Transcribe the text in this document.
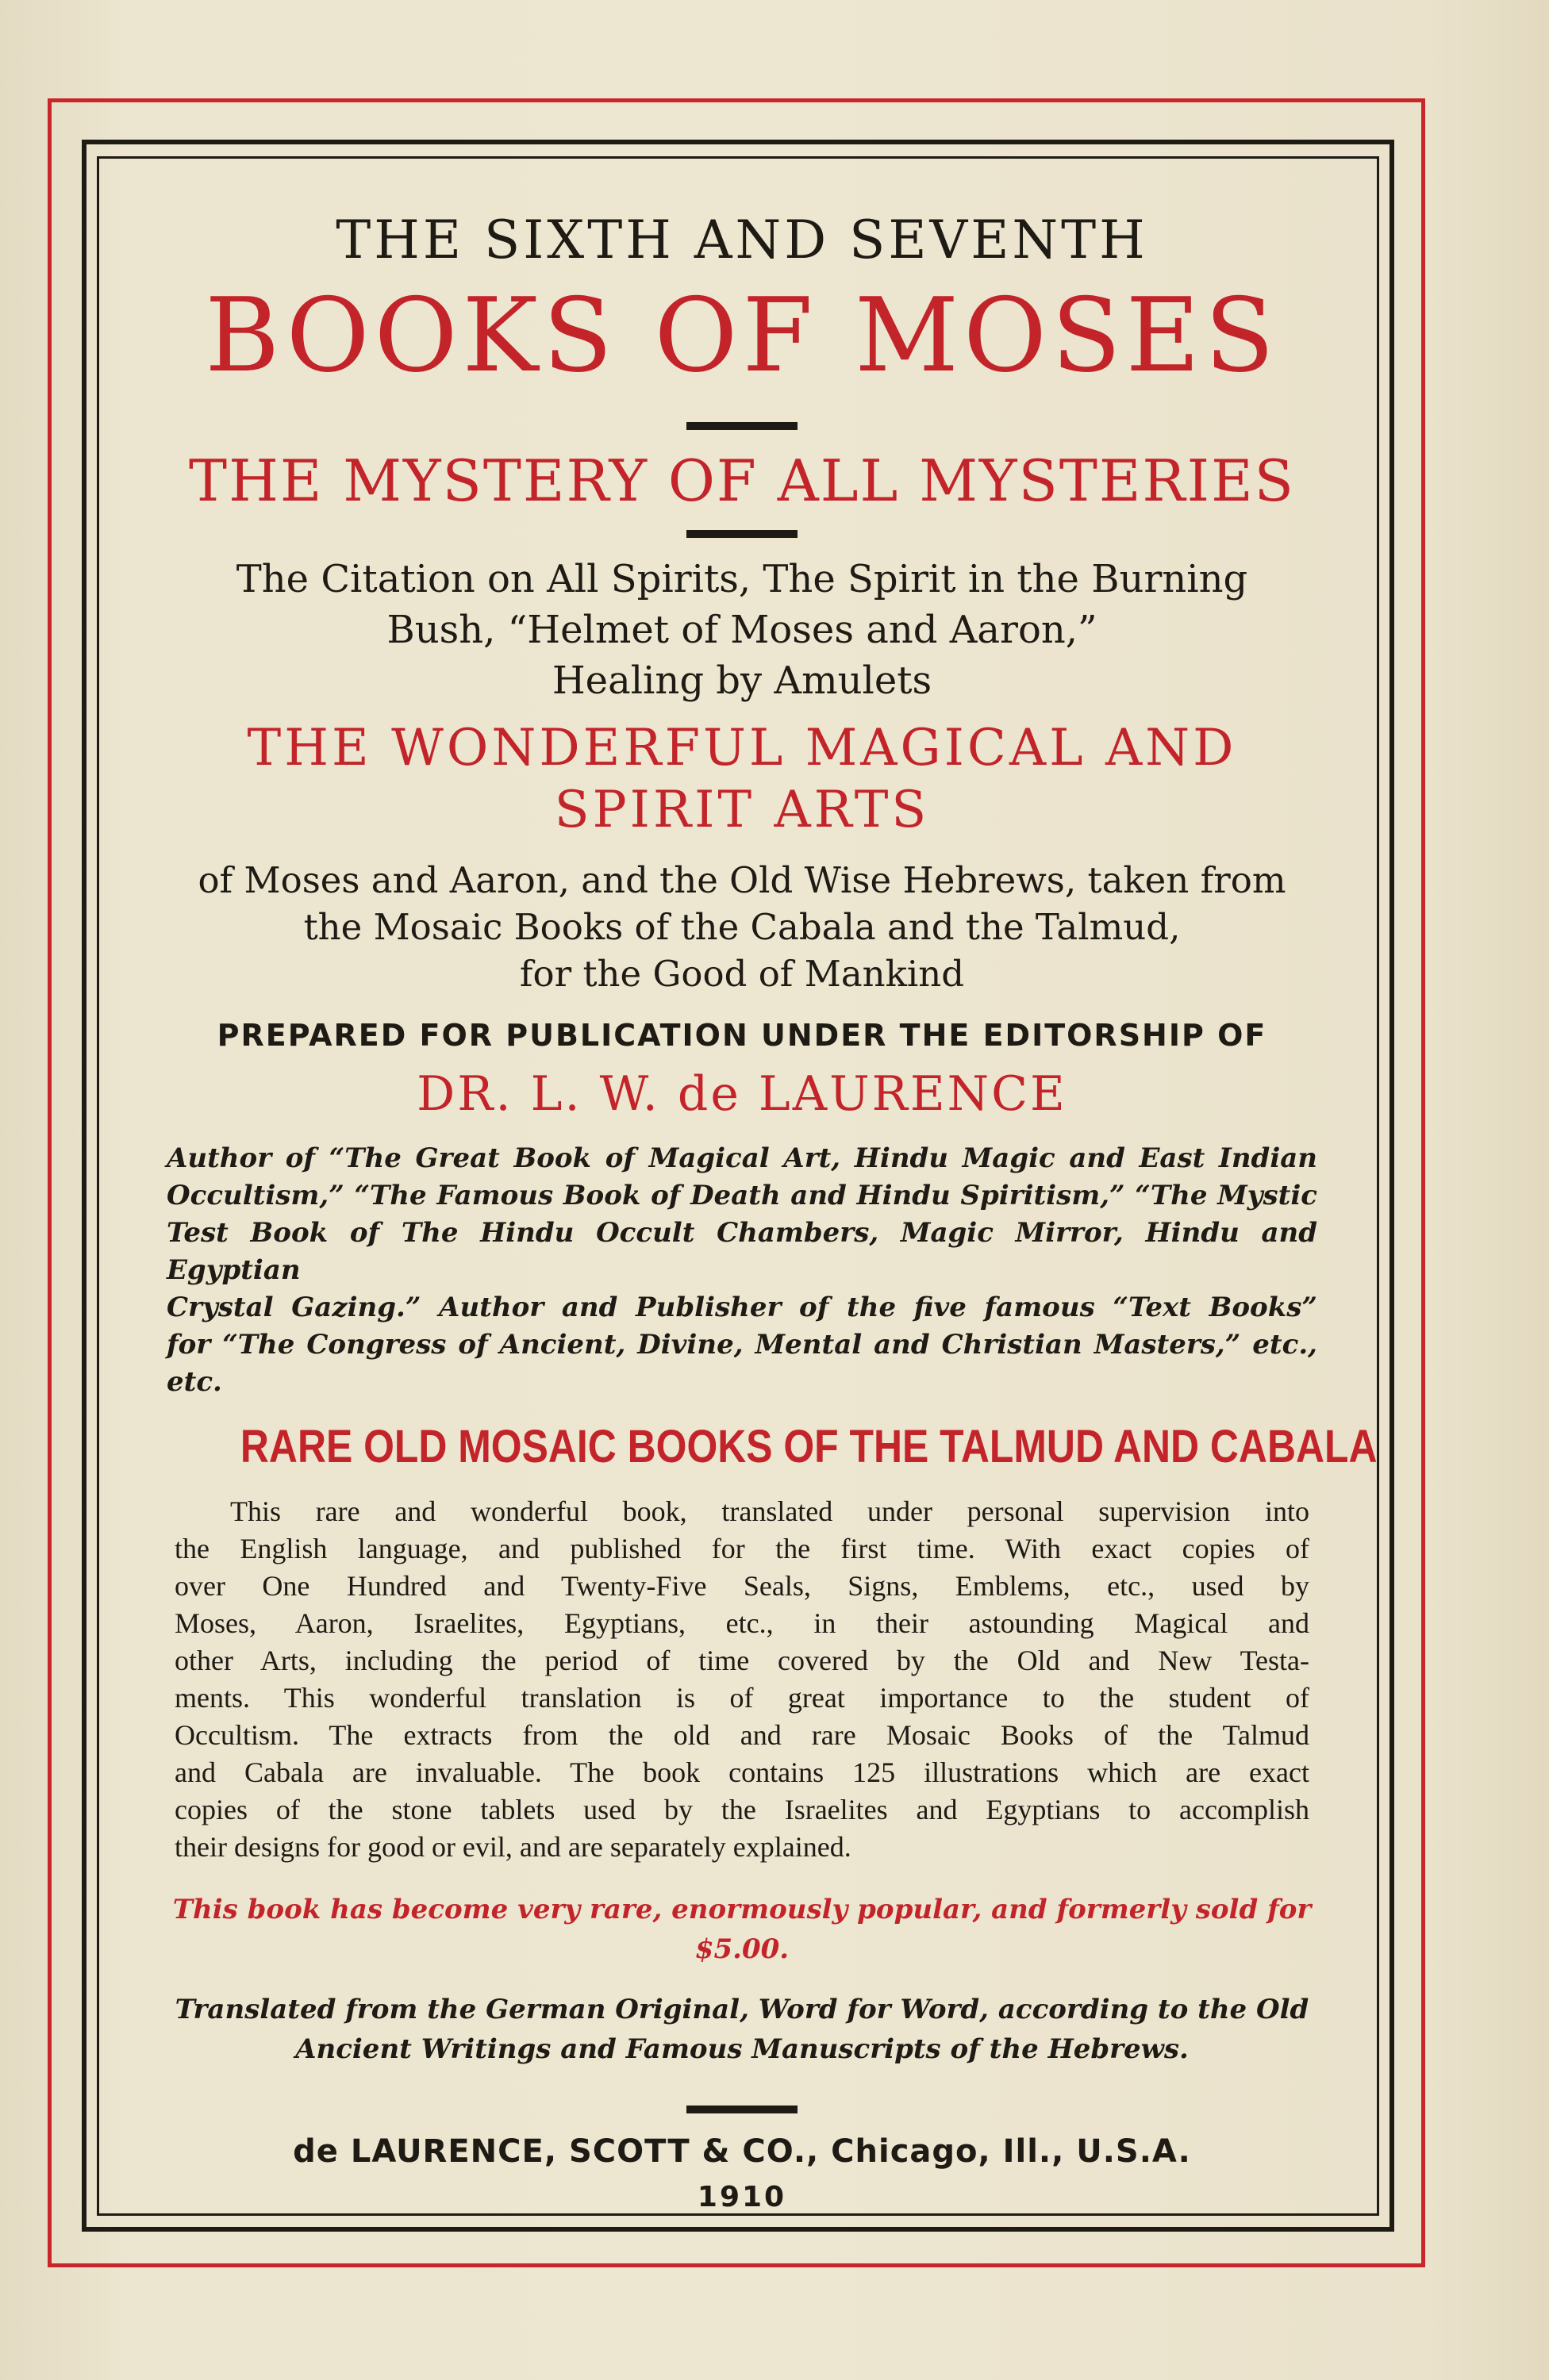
THE SIXTH AND SEVENTH

BOOKS OF MOSES

THE MYSTERY OF ALL MYSTERIES

The Citation on All Spirits, The Spirit in the Burning
Bush, “Helmet of Moses and Aaron,”
Healing by Amulets
THE WONDERFUL MAGICAL AND
SPIRIT ARTS
of Moses and Aaron, and the Old Wise Hebrews, taken from
the Mosaic Books of the Cabala and the Talmud,
for the Good of Mankind

PREPARED FOR PUBLICATION UNDER THE EDITORSHIP OF

DR. L. W. de LAURENCE

Author of “The Great Book of Magical Art, Hindu Magic and East Indian
Occultism,” “The Famous Book of Death and Hindu Spiritism,” “The Mystic
Test Book of The Hindu Occult Chambers, Magic Mirror, Hindu and Egyptian
Crystal Gazing.” Author and Publisher of the five famous “Text Books”
for “The Congress of Ancient, Divine, Mental and Christian Masters,” etc., etc.

RARE OLD MOSAIC BOOKS OF THE TALMUD AND CABALA

This rare and wonderful book, translated under personal supervision into
the English language, and published for the first time. With exact copies of
over One Hundred and Twenty-Five Seals, Signs, Emblems, etc., used by
Moses, Aaron, Israelites, Egyptians, etc., in their astounding Magical and
other Arts, including the period of time covered by the Old and New Testa-
ments. This wonderful translation is of great importance to the student of
Occultism. The extracts from the old and rare Mosaic Books of the Talmud
and Cabala are invaluable. The book contains 125 illustrations which are exact
copies of the stone tablets used by the Israelites and Egyptians to accomplish
their designs for good or evil, and are separately explained.

This book has become very rare, enormously popular, and formerly sold for $5.00.

Translated from the German Original, Word for Word, according to the Old
Ancient Writings and Famous Manuscripts of the Hebrews.

de LAURENCE, SCOTT & CO., Chicago, Ill., U.S.A.

1910
